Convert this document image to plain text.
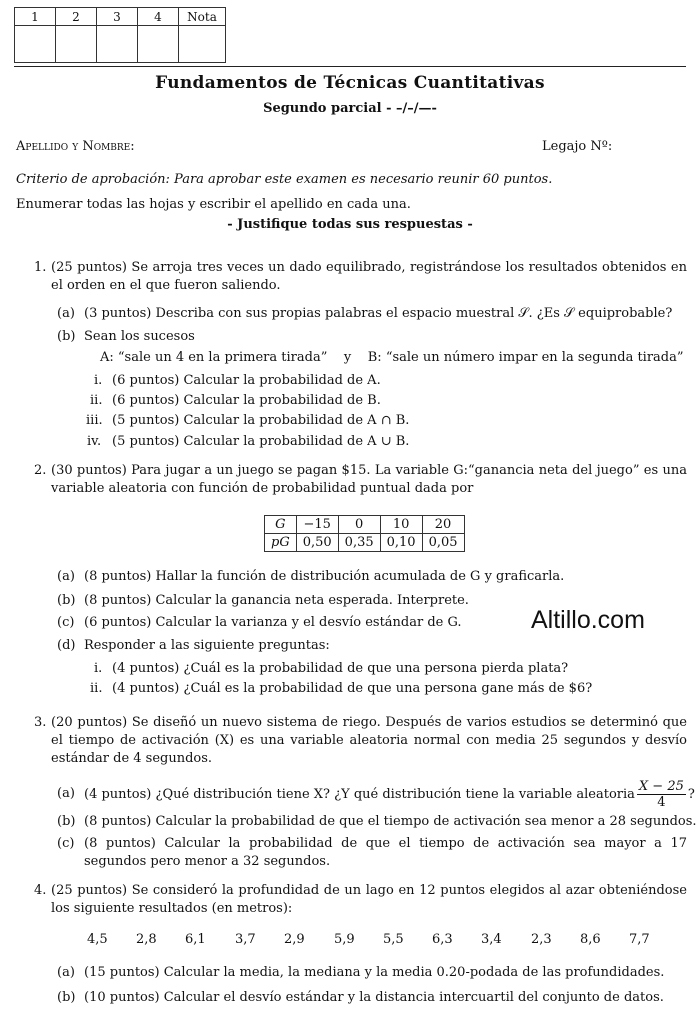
1	2	3	4	Nota

Fundamentos de Técnicas Cuantitativas
Segundo parcial - –/–/—-
Apellido y Nombre:	Legajo Nº:
Criterio de aprobación: Para aprobar este examen es necesario reunir 60 puntos.
Enumerar todas las hojas y escribir el apellido en cada una.
- Justifique todas sus respuestas -
1. (25 puntos) Se arroja tres veces un dado equilibrado, registrándose los resultados obtenidos en el orden en el que fueron saliendo.
(a) (3 puntos) Describa con sus propias palabras el espacio muestral 𝒮. ¿Es 𝒮 equiprobable?
(b) Sean los sucesos
A: “sale un 4 en la primera tirada”    y    B: “sale un número impar en la segunda tirada”
i. (6 puntos) Calcular la probabilidad de A.
ii. (6 puntos) Calcular la probabilidad de B.
iii. (5 puntos) Calcular la probabilidad de A ∩ B.
iv. (5 puntos) Calcular la probabilidad de A ∪ B.
2. (30 puntos) Para jugar a un juego se pagan $15. La variable G:“ganancia neta del juego” es una variable aleatoria con función de probabilidad puntual dada por
G	−15	0	10	20
pG	0,50	0,35	0,10	0,05
(a) (8 puntos) Hallar la función de distribución acumulada de G y graficarla.
(b) (8 puntos) Calcular la ganancia neta esperada. Interprete.
(c) (6 puntos) Calcular la varianza y el desvío estándar de G.
(d) Responder a las siguiente preguntas:
i. (4 puntos) ¿Cuál es la probabilidad de que una persona pierda plata?
ii. (4 puntos) ¿Cuál es la probabilidad de que una persona gane más de $6?
Altillo.com
3. (20 puntos) Se diseñó un nuevo sistema de riego. Después de varios estudios se determinó que el tiempo de activación (X) es una variable aleatoria normal con media 25 segundos y desvío estándar de 4 segundos.
(a) (4 puntos) ¿Qué distribución tiene X? ¿Y qué distribución tiene la variable aleatoria $\frac{X - 25}{4}$ ?
(b) (8 puntos) Calcular la probabilidad de que el tiempo de activación sea menor a 28 segundos.
(c) (8 puntos) Calcular la probabilidad de que el tiempo de activación sea mayor a 17 segundos pero menor a 32 segundos.
4. (25 puntos) Se consideró la profundidad de un lago en 12 puntos elegidos al azar obteniéndose los siguiente resultados (en metros):
4,5 2,8 6,1 3,7 2,9 5,9 5,5 6,3 3,4 2,3 8,6 7,7
(a) (15 puntos) Calcular la media, la mediana y la media 0.20-podada de las profundidades.
(b) (10 puntos) Calcular el desvío estándar y la distancia intercuartil del conjunto de datos.
